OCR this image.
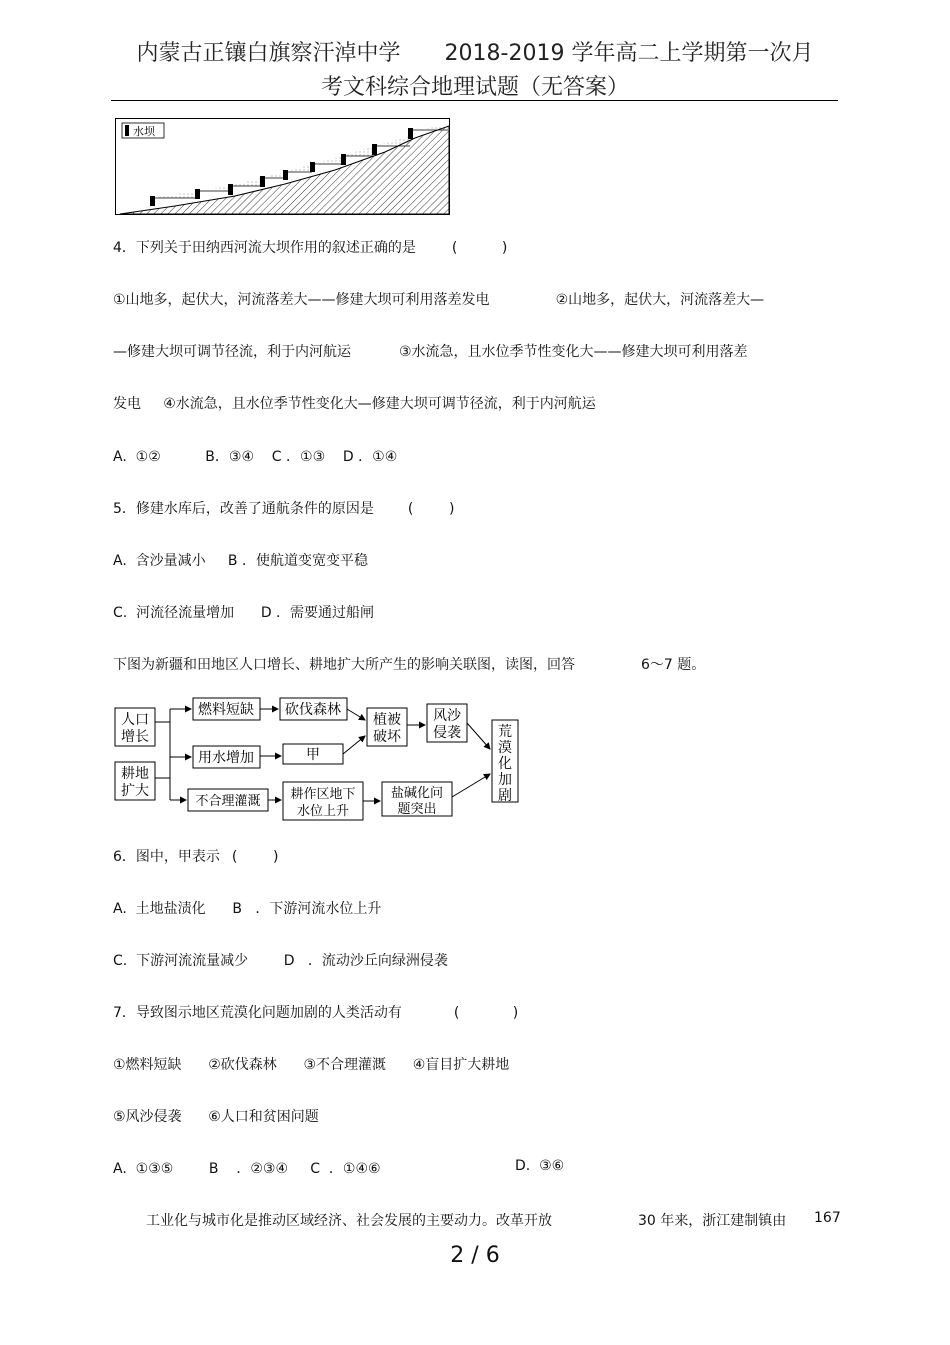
内蒙古正镶白旗察汗淖中学 2018-2019 学年高二上学期第一次月
考文科综合地理试题（无答案）
水坝
4．下列关于田纳西河流大坝作用的叙述正确的是	(          )
①山地多，起伏大，河流落差大——修建大坝可利用落差发电	②山地多，起伏大，河流落差大—
—修建大坝可调节径流，利于内河航运	③水流急，且水位季节性变化大——修建大坝可利用落差
发电     ④水流急，且水位季节性变化大—修建大坝可调节径流，利于内河航运
A.  ①②          B．③④    C ．①③    D ．①④
5．修建水库后，改善了通航条件的原因是 (        )
A.  含沙量减小     B ．使航道变宽变平稳
C.  河流径流量增加      D ．需要通过船闸
下图为新疆和田地区人口增长、耕地扩大所产生的影响关联图，读图，回答	6～7 题。
人口
增长
耕地
扩大
燃料短缺 砍伐森林
用水增加	甲
不合理灌溉 耕作区地下
水位上升
植被
破坏
风沙
侵袭
盐碱化问
题突出
荒
漠
化
加
剧
6．图中，甲表示 (        )
A.  土地盐渍化      B   ．下游河流水位上升
C.  下游河流流量减少        D   ．流动沙丘向绿洲侵袭
7．导致图示地区荒漠化问题加剧的人类活动有	(            )
①燃料短缺      ②砍伐森林      ③不合理灌溉      ④盲目扩大耕地
⑤风沙侵袭      ⑥人口和贫困问题
A.  ①③⑤        B    ．②③④     C  ．①④⑥	D.  ③⑥
工业化与城市化是推动区域经济、社会发展的主要动力。改革开放	30 年来，浙江建制镇由 167
2 / 6
